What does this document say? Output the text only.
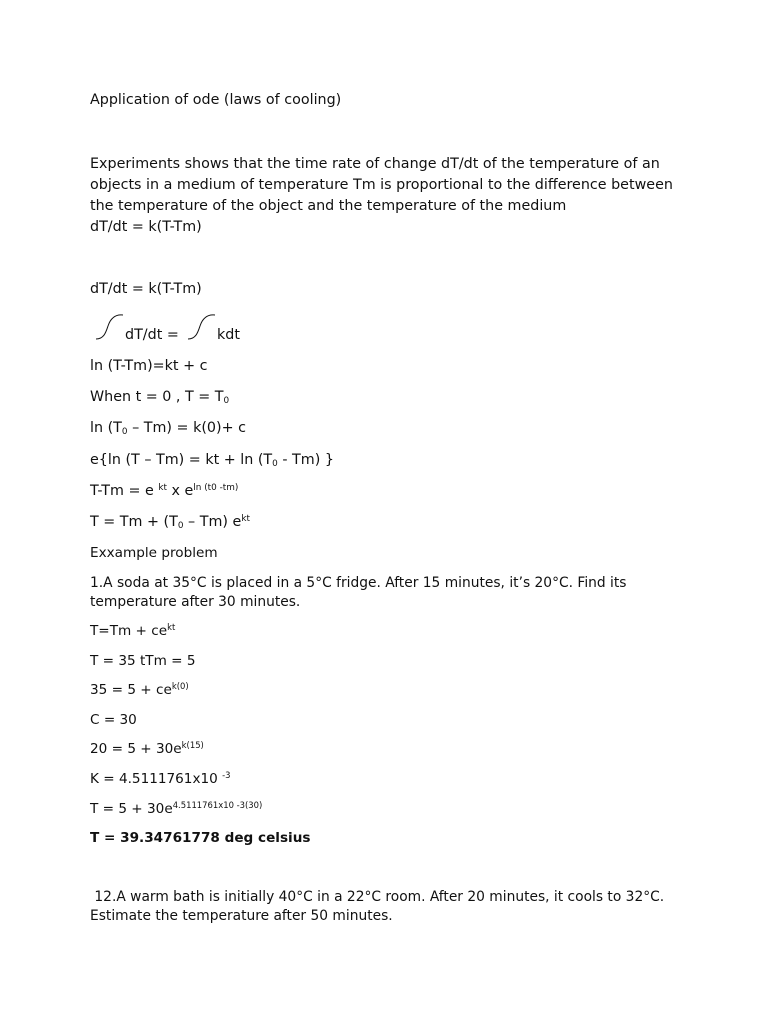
Application of ode (laws of cooling)
Experiments shows that the time rate of change dT/dt of the temperature of an objects in a medium of temperature Tm is proportional to the difference between the temperature of the object and the temperature of the medium
dT/dt = k(T-Tm)
dT/dt = k(T-Tm)
dT/dt =	kdt
ln (T-Tm)=kt + c
When t = 0 , $T = T_0$
$\ln (T_0 - Tm) = k(0)+ c$
e{ln (T – Tm) = kt + $\ln (T_0 - Tm)$ }
T-Tm = e $^{kt}$ x $e^{ln (t0 -tm)}$
$T = Tm + (T_0 - Tm)$ $e^{kt}$
Exxample problem
1.A soda at 35°C is placed in a 5°C fridge. After 15 minutes, it’s 20°C. Find its temperature after 30 minutes.
$T=Tm + ce^{kt}$
T = 35 tTm = 5
$35 = 5 + ce^{k(0)}$
C = 30
$20 = 5 + 30e^{k(15)}$
K = 4.5111761x10 $^{-3}$
$T = 5 + 30e^{4.5111761x10 -3(30)}$
T = 39.34761778 deg celsius
12.A warm bath is initially 40°C in a 22°C room. After 20 minutes, it cools to 32°C. Estimate the temperature after 50 minutes.
